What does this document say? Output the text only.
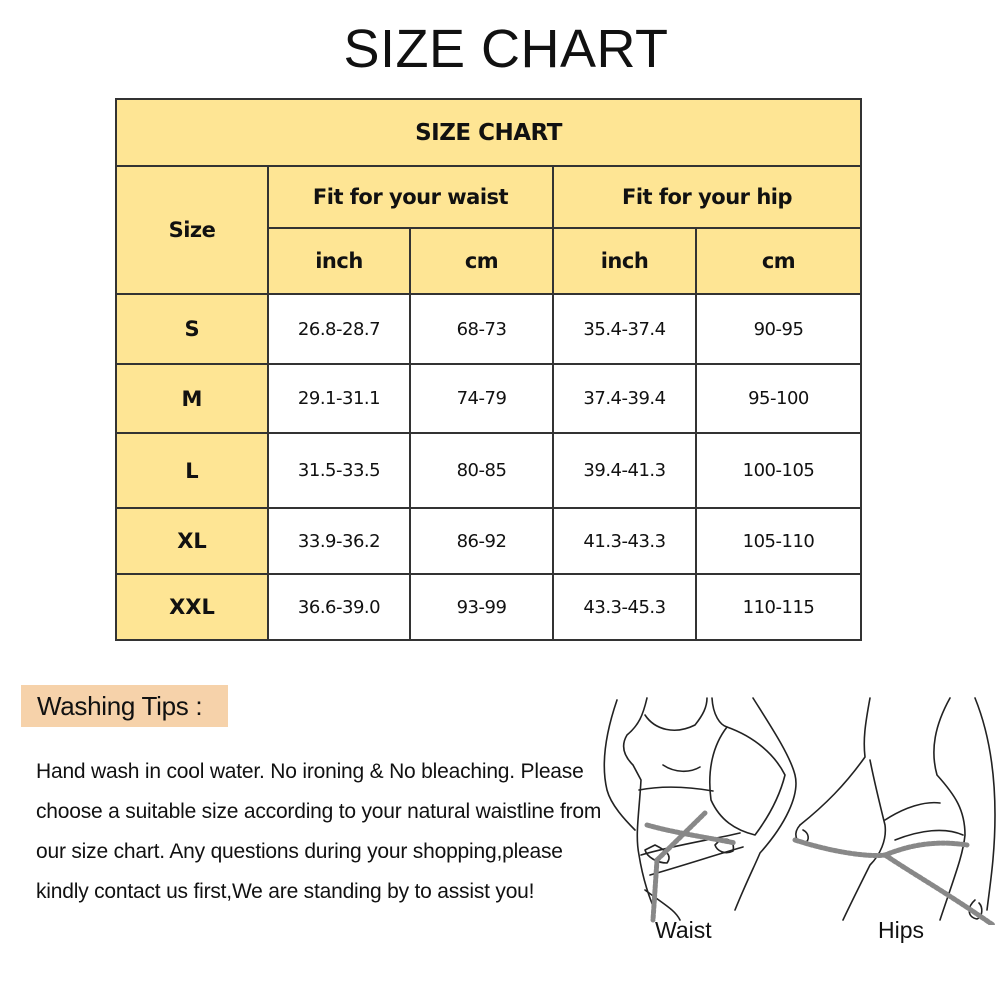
SIZE CHART
SIZE CHART				
Size	Fit for your waist		Fit for your hip	
	inch	cm	inch	cm
S	26.8-28.7	68-73	35.4-37.4	90-95
M	29.1-31.1	74-79	37.4-39.4	95-100
L	31.5-33.5	80-85	39.4-41.3	100-105
XL	33.9-36.2	86-92	41.3-43.3	105-110
XXL	36.6-39.0	93-99	43.3-45.3	110-115
Washing Tips :
Hand wash in cool water. No ironing & No bleaching. Please choose a suitable size according to your natural waistline from our size chart. Any questions during your shopping,please kindly contact us first,We are standing by to assist you!
Waist	Hips
